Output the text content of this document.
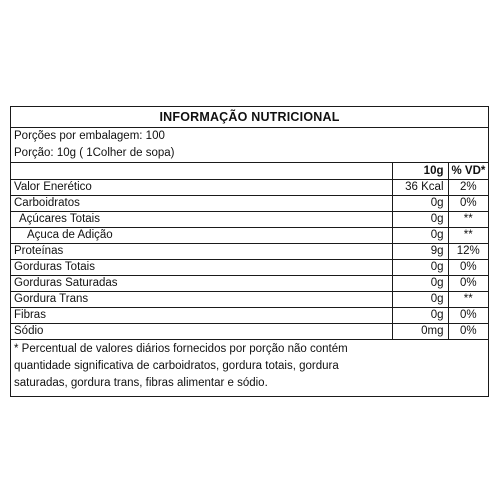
INFORMAÇÃO NUTRICIONAL
Porções por embalagem: 100
Porção: 10g ( 1Colher de sopa)
	10g	% VD*
Valor Enerético	36 Kcal	2%
Carboidratos	0g	0%
Açúcares Totais	0g	**
Açuca de Adição	0g	**
Proteínas	9g	12%
Gorduras Totais	0g	0%
Gorduras Saturadas	0g	0%
Gordura Trans	0g	**
Fibras	0g	0%
Sódio	0mg	0%
* Percentual de valores diários fornecidos por porção não contém
quantidade significativa de carboidratos, gordura totais, gordura
saturadas, gordura trans, fibras alimentar e sódio.
